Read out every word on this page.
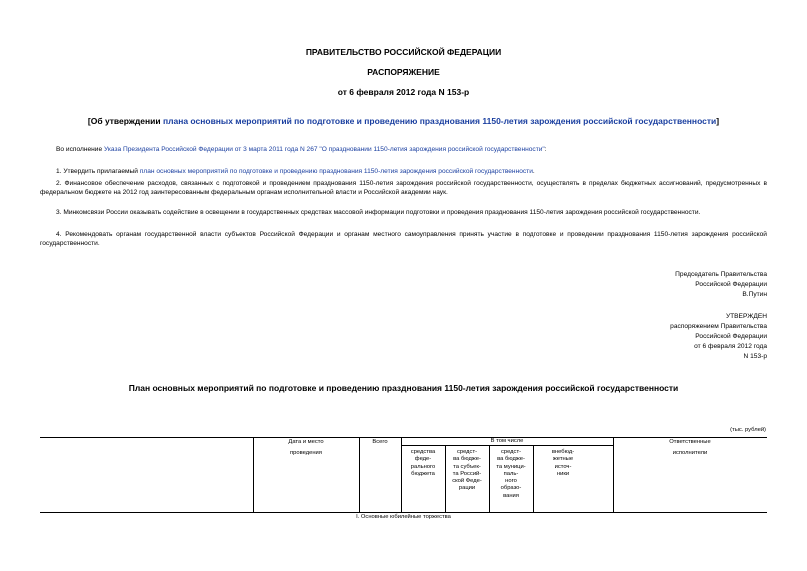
ПРАВИТЕЛЬСТВО РОССИЙСКОЙ ФЕДЕРАЦИИ
РАСПОРЯЖЕНИЕ
от 6 февраля 2012 года N 153-р
[Об утверждении плана основных мероприятий по подготовке и проведению празднования 1150-летия зарождения российской государственности]
Во исполнение Указа Президента Российской Федерации от 3 марта 2011 года N 267 "О праздновании 1150-летия зарождения российской государственности":
1. Утвердить прилагаемый план основных мероприятий по подготовке и проведению празднования 1150-летия зарождения российской государственности.
2. Финансовое обеспечение расходов, связанных с подготовкой и проведением празднования 1150-летия зарождения российской государственности, осуществлять в пределах бюджетных ассигнований, предусмотренных в федеральном бюджете на 2012 год заинтересованным федеральным органам исполнительной власти и Российской академии наук.
3. Минкомсвязи России оказывать содействие в освещении в государственных средствах массовой информации подготовки и проведения празднования 1150-летия зарождения российской государственности.
4. Рекомендовать органам государственной власти субъектов Российской Федерации и органам местного самоуправления принять участие в подготовке и проведении празднования 1150-летия зарождения российской государственности.
Председатель Правительства
Российской Федерации
В.Путин
УТВЕРЖДЕН
распоряжением Правительства
Российской Федерации
от 6 февраля 2012 года
N 153-р
План основных мероприятий по подготовке и проведению празднования 1150-летия зарождения российской государственности
(тыс. рублей)
Дата и место
проведения
Всего	В том числе	Ответственные
исполнители
средства
феде-
рального
бюджета
средст-
ва бюдже-
та субъек-
та Россий-
ской Феде-
рации
средст-
ва бюдже-
та муници-
паль-
ного
образо-
вания
внебюд-
жетные
источ-
ники
I. Основные юбилейные торжества
